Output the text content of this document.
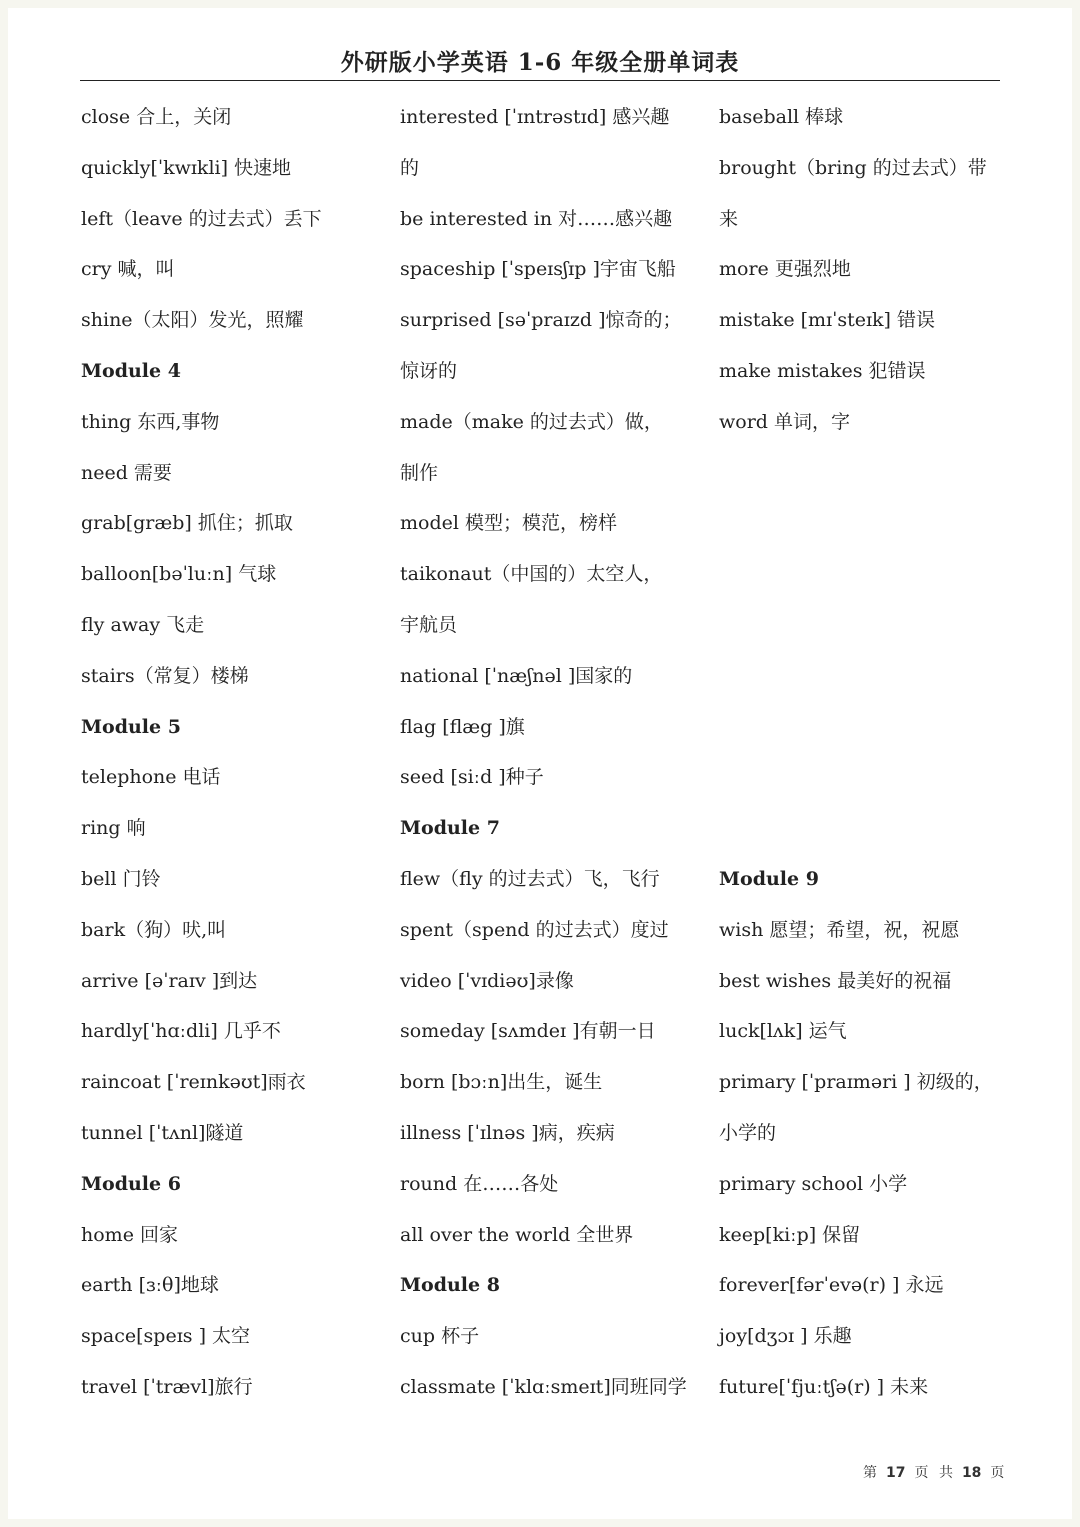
外研版小学英语 1-6 年级全册单词表
close 合上，关闭
quickly[ˈkwɪkli] 快速地
left（leave 的过去式）丢下
cry 喊，叫
shine（太阳）发光，照耀
Module 4
thing 东西,事物
need 需要
grab[græb] 抓住；抓取
balloon[bəˈluːn] 气球
fly away 飞走
stairs（常复）楼梯
Module 5
telephone 电话
ring 响
bell 门铃
bark（狗）吠,叫
arrive [əˈraɪv ]到达
hardly[ˈhɑːdli] 几乎不
raincoat [ˈreɪnkəʊt]雨衣
tunnel [ˈtʌnl]隧道
Module 6
home 回家
earth [ɜːθ]地球
space[speɪs ] 太空
travel [ˈtrævl]旅行
interested [ˈɪntrəstɪd] 感兴趣
的
be interested in 对……感兴趣
spaceship [ˈspeɪsʃɪp ]宇宙飞船
surprised [səˈpraɪzd ]惊奇的；
惊讶的
made（make 的过去式）做，
制作
model 模型；模范，榜样
taikonaut（中国的）太空人，
宇航员
national [ˈnæʃnəl ]国家的
flag [flæg ]旗
seed [siːd ]种子
Module 7
flew（fly 的过去式）飞，飞行
spent（spend 的过去式）度过
video [ˈvɪdiəʊ]录像
someday [sʌmdeɪ ]有朝一日
born [bɔːn]出生，诞生
illness [ˈɪlnəs ]病，疾病
round 在……各处
all over the world 全世界
Module 8
cup 杯子
classmate [ˈklɑːsmeɪt]同班同学
baseball 棒球
brought（bring 的过去式）带
来
more 更强烈地
mistake [mɪˈsteɪk] 错误
make mistakes 犯错误
word 单词，字
Module 9
wish 愿望；希望，祝，祝愿
best wishes 最美好的祝福
luck[lʌk] 运气
primary [ˈpraɪməri ] 初级的，
小学的
primary school 小学
keep[kiːp] 保留
forever[fərˈevə(r) ] 永远
joy[dʒɔɪ ] 乐趣
future[ˈfjuːtʃə(r) ] 未来
第 17 页 共 18 页
